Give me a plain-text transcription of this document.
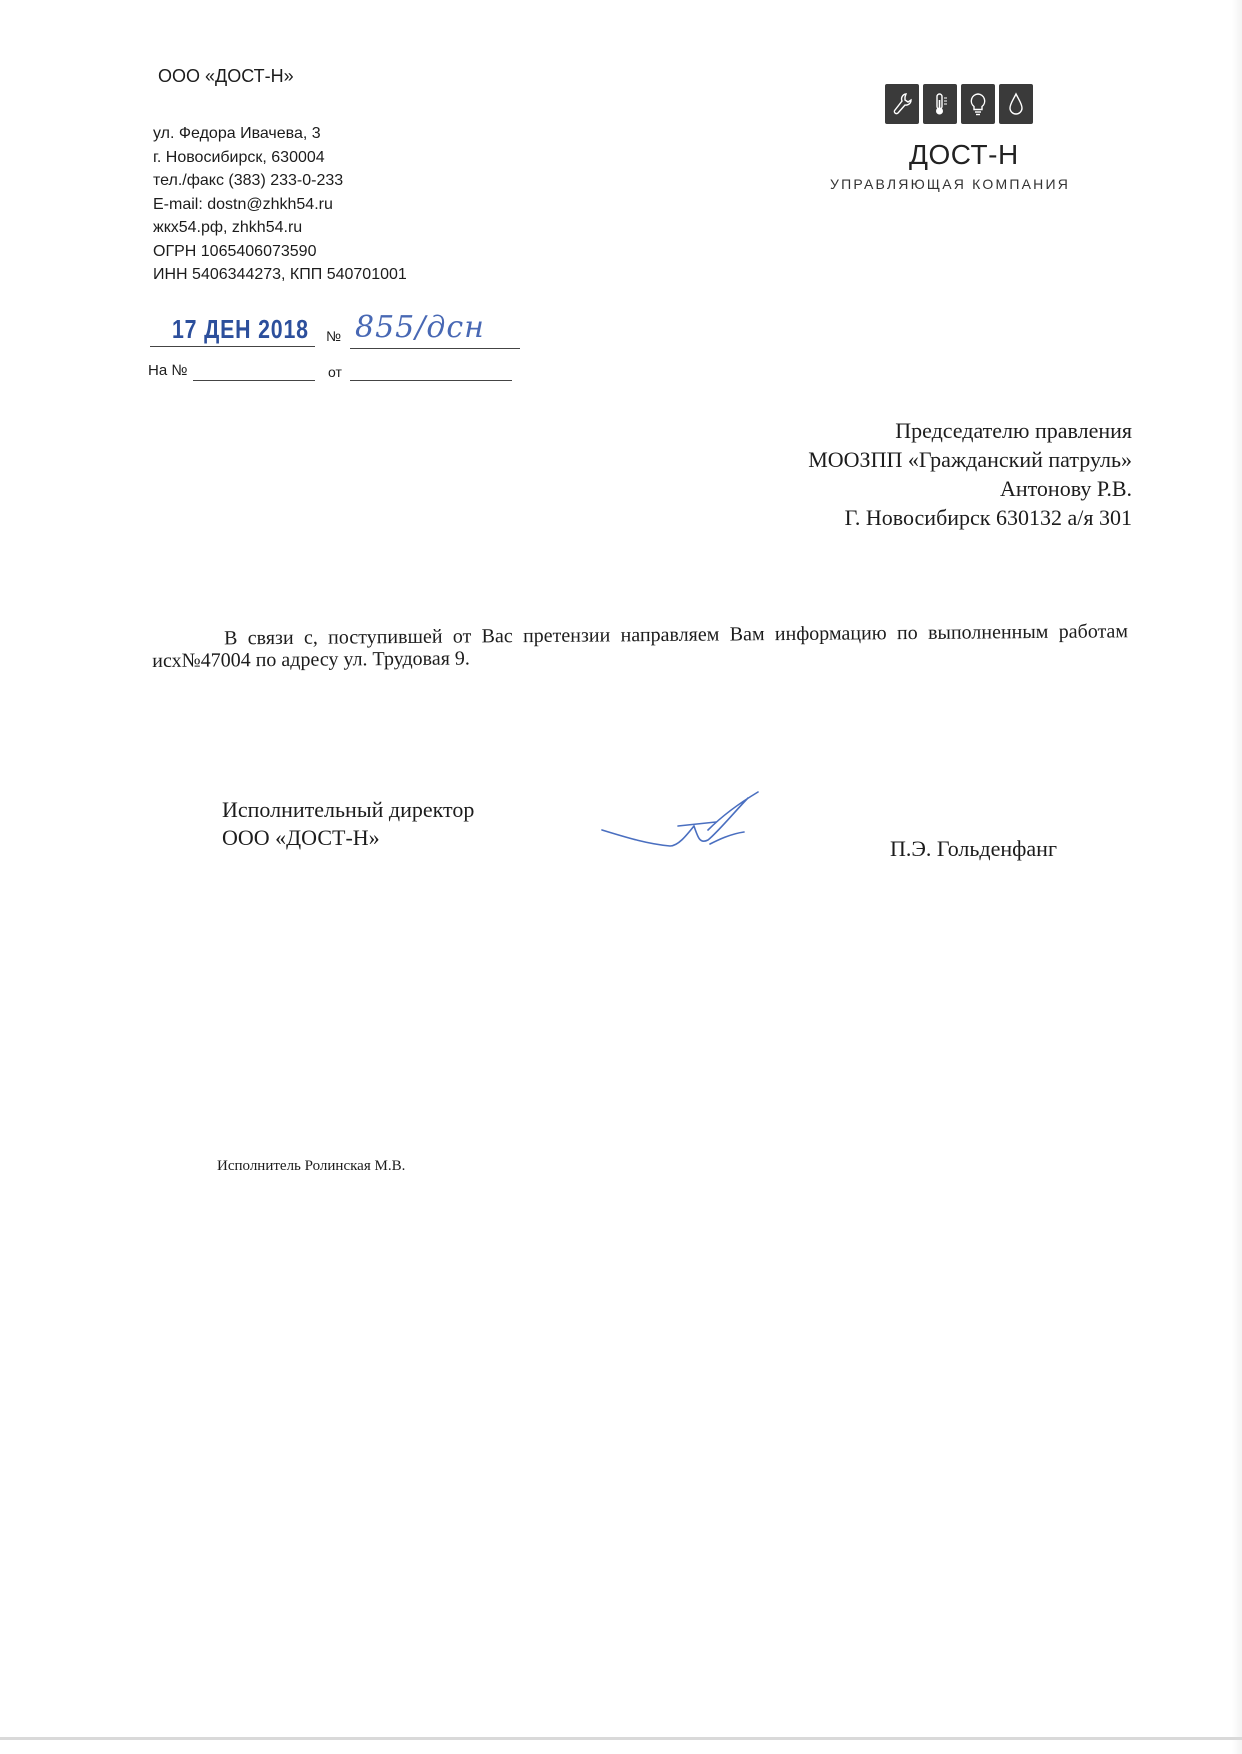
ООО «ДОСТ-Н»
ул. Федора Ивачева, 3
г. Новосибирск, 630004
тел./факс (383) 233-0-233
E-mail: dostn@zhkh54.ru
жкх54.рф, zhkh54.ru
ОГРН 1065406073590
ИНН 5406344273, КПП 540701001
ДОСТ-Н
УПРАВЛЯЮЩАЯ КОМПАНИЯ
17 ДЕН 2018 № 855/дсн
На №	от
Председателю правления
МООЗПП «Гражданский патруль»
Антонову Р.В.
Г. Новосибирск 630132 а/я 301
В связи с, поступившей от Вас претензии направляем Вам информацию по выполненным работам исх№47004 по адресу ул. Трудовая 9.
Исполнительный директор
ООО «ДОСТ-Н»	П.Э. Гольденфанг
Исполнитель Ролинская М.В.
